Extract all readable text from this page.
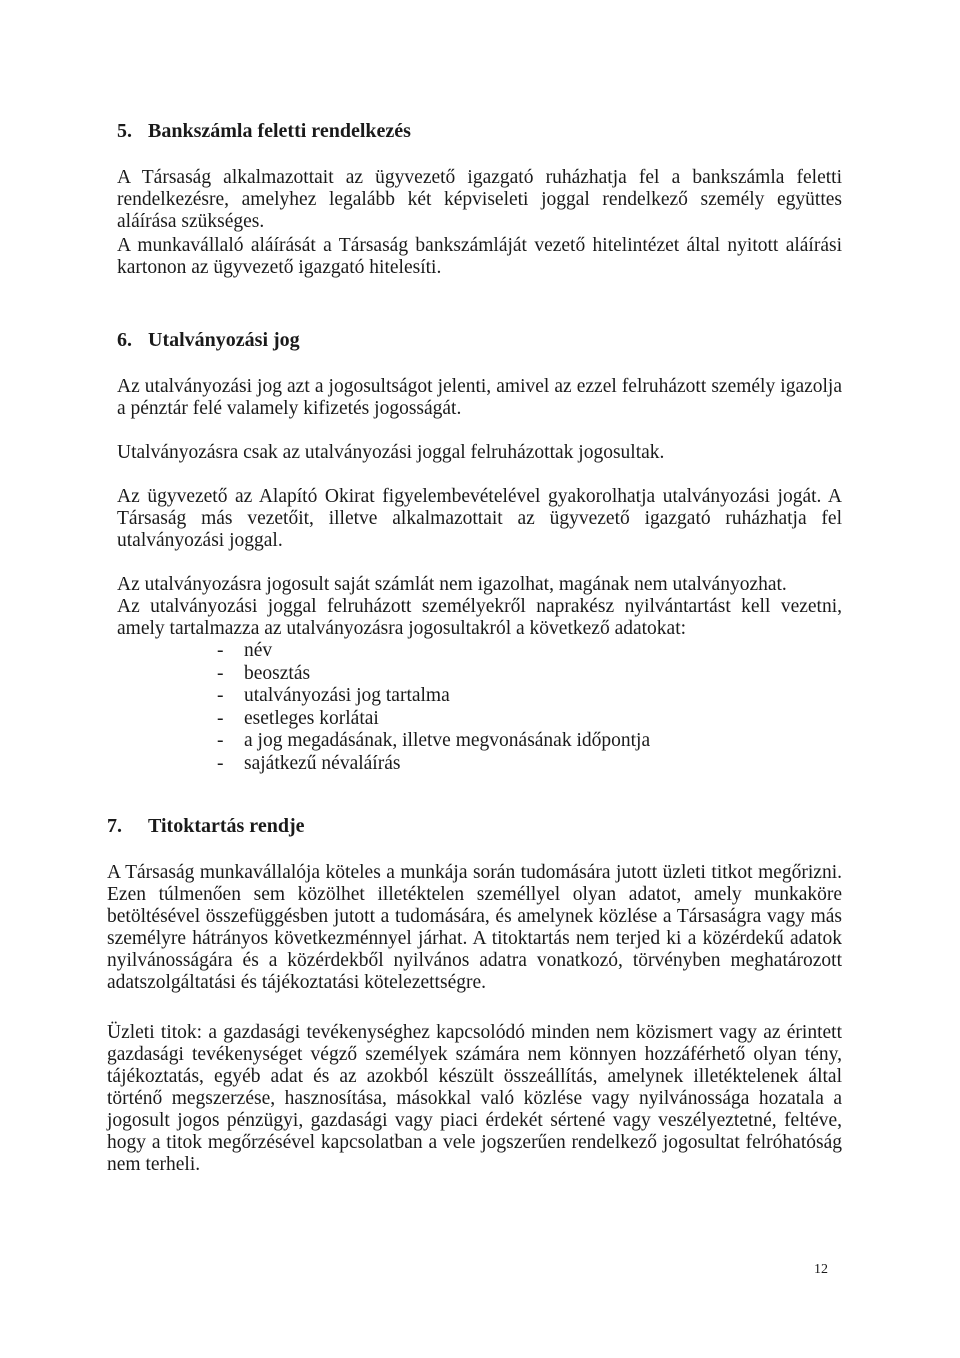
5. Bankszámla feletti rendelkezés

A Társaság alkalmazottait az ügyvezető igazgató ruházhatja fel a bankszámla feletti rendelkezésre, amelyhez legalább két képviseleti joggal rendelkező személy együttes aláírása szükséges.

A munkavállaló aláírását a Társaság bankszámláját vezető hitelintézet által nyitott aláírási kartonon az ügyvezető igazgató hitelesíti.

6. Utalványozási jog

Az utalványozási jog azt a jogosultságot jelenti, amivel az ezzel felruházott személy igazolja a pénztár felé valamely kifizetés jogosságát.

Utalványozásra csak az utalványozási joggal felruházottak jogosultak.

Az ügyvezető az Alapító Okirat figyelembevételével gyakorolhatja utalványozási jogát. A Társaság más vezetőit, illetve alkalmazottait az ügyvezető igazgató ruházhatja fel utalványozási joggal.

Az utalványozásra jogosult saját számlát nem igazolhat, magának nem utalványozhat.

Az utalványozási joggal felruházott személyekről naprakész nyilvántartást kell vezetni, amely tartalmazza az utalványozásra jogosultakról a következő adatokat:

-	név
-	beosztás
-	utalványozási jog tartalma
-	esetleges korlátai
-	a jog megadásának, illetve megvonásának időpontja
-	sajátkezű névaláírás
7.	Titoktartás rendje

A Társaság munkavállalója köteles a munkája során tudomására jutott üzleti titkot megőrizni. Ezen túlmenően sem közölhet illetéktelen személlyel olyan adatot, amely munkaköre betöltésével összefüggésben jutott a tudomására, és amelynek közlése a Társaságra vagy más személyre hátrányos következménnyel járhat. A titoktartás nem terjed ki a közérdekű adatok nyilvánosságára és a közérdekből nyilvános adatra vonatkozó, törvényben meghatározott adatszolgáltatási és tájékoztatási kötelezettségre.

Üzleti titok: a gazdasági tevékenységhez kapcsolódó minden nem közismert vagy az érintett gazdasági tevékenységet végző személyek számára nem könnyen hozzáférhető olyan tény, tájékoztatás, egyéb adat és az azokból készült összeállítás, amelynek illetéktelenek által történő megszerzése, hasznosítása, másokkal való közlése vagy nyilvánossága hozatala a jogosult jogos pénzügyi, gazdasági vagy piaci érdekét sértené vagy veszélyeztetné, feltéve, hogy a titok megőrzésével kapcsolatban a vele jogszerűen rendelkező jogosultat felróhatóság nem terheli.

12
